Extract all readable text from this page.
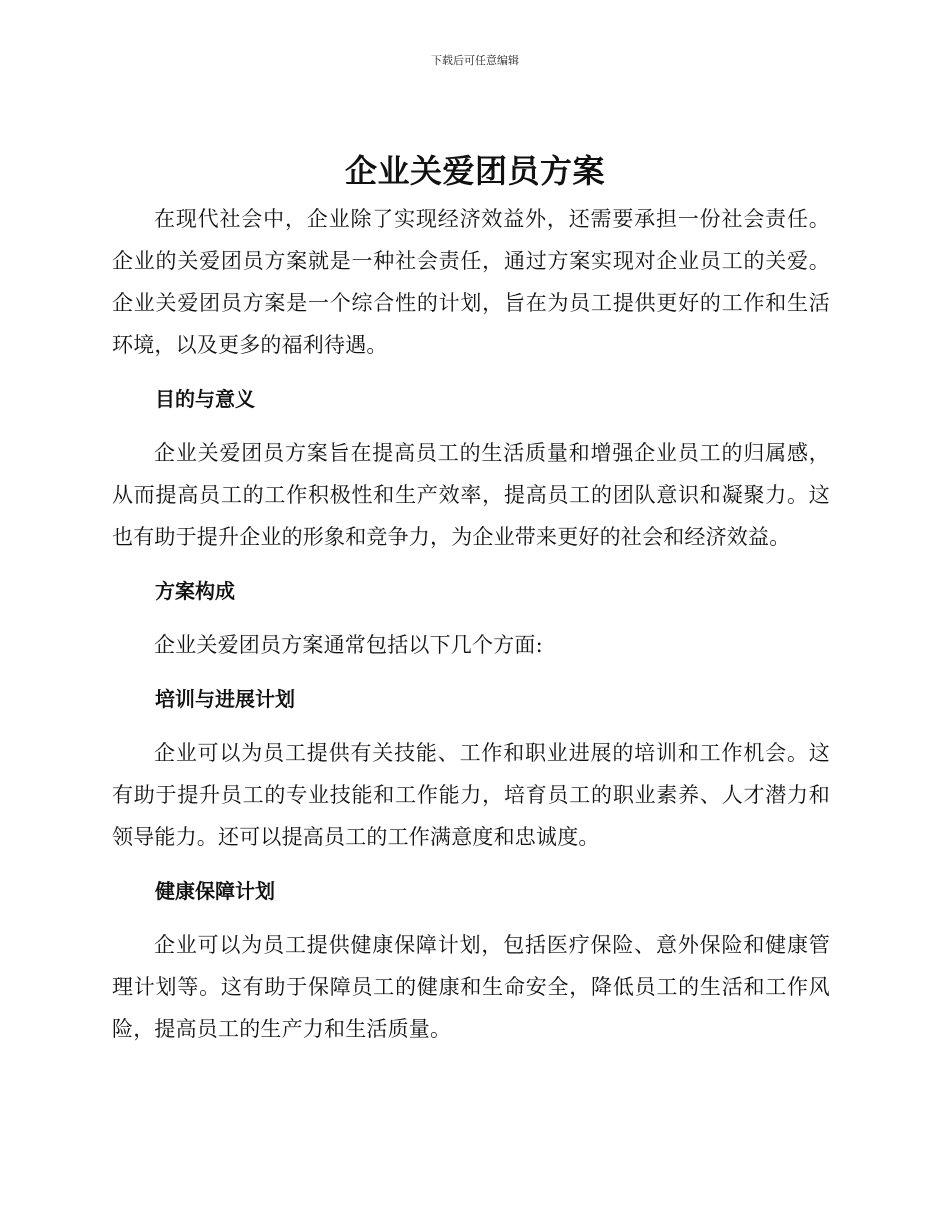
下载后可任意编辑
企业关爱团员方案

在现代社会中，企业除了实现经济效益外，还需要承担一份社会责任。企业的关爱团员方案就是一种社会责任，通过方案实现对企业员工的关爱。企业关爱团员方案是一个综合性的计划，旨在为员工提供更好的工作和生活环境，以及更多的福利待遇。

目的与意义

企业关爱团员方案旨在提高员工的生活质量和增强企业员工的归属感，从而提高员工的工作积极性和生产效率，提高员工的团队意识和凝聚力。这也有助于提升企业的形象和竞争力，为企业带来更好的社会和经济效益。

方案构成

企业关爱团员方案通常包括以下几个方面:

培训与进展计划

企业可以为员工提供有关技能、工作和职业进展的培训和工作机会。这有助于提升员工的专业技能和工作能力，培育员工的职业素养、人才潜力和领导能力。还可以提高员工的工作满意度和忠诚度。

健康保障计划

企业可以为员工提供健康保障计划，包括医疗保险、意外保险和健康管理计划等。这有助于保障员工的健康和生命安全，降低员工的生活和工作风险，提高员工的生产力和生活质量。
